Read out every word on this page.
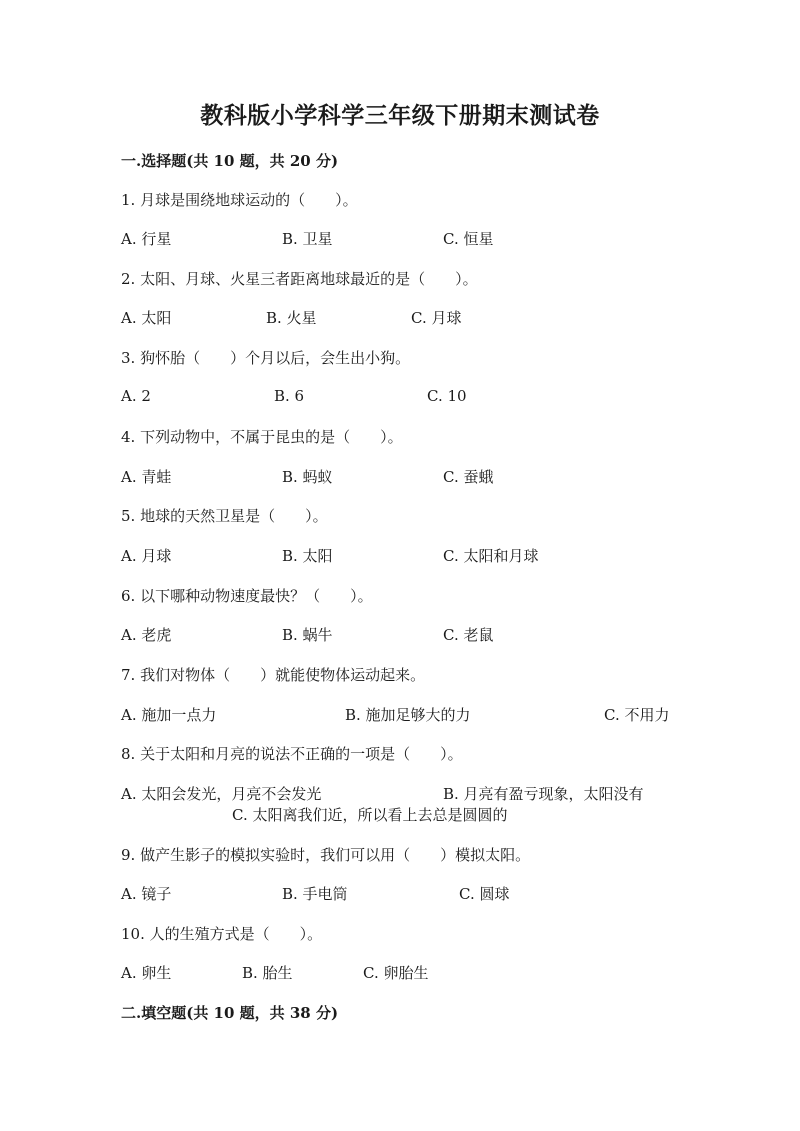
教科版小学科学三年级下册期末测试卷
一.选择题(共 10 题，共 20 分)
1. 月球是围绕地球运动的（　　）。
A. 行星	B. 卫星	C. 恒星
2. 太阳、月球、火星三者距离地球最近的是（　　）。
A. 太阳	B. 火星	C. 月球
3. 狗怀胎（　　）个月以后，会生出小狗。
A. 2	B. 6	C. 10
4. 下列动物中，不属于昆虫的是（　　）。
A. 青蛙	B. 蚂蚁	C. 蚕蛾
5. 地球的天然卫星是（　　）。
A. 月球	B. 太阳	C. 太阳和月球
6. 以下哪种动物速度最快？（　　）。
A. 老虎	B. 蜗牛	C. 老鼠
7. 我们对物体（　　）就能使物体运动起来。
A. 施加一点力	B. 施加足够大的力	C. 不用力
8. 关于太阳和月亮的说法不正确的一项是（　　）。
A. 太阳会发光，月亮不会发光	B. 月亮有盈亏现象，太阳没有
C. 太阳离我们近，所以看上去总是圆圆的
9. 做产生影子的模拟实验时，我们可以用（　　）模拟太阳。
A. 镜子	B. 手电筒	C. 圆球
10. 人的生殖方式是（　　）。
A. 卵生	B. 胎生	C. 卵胎生
二.填空题(共 10 题，共 38 分)
